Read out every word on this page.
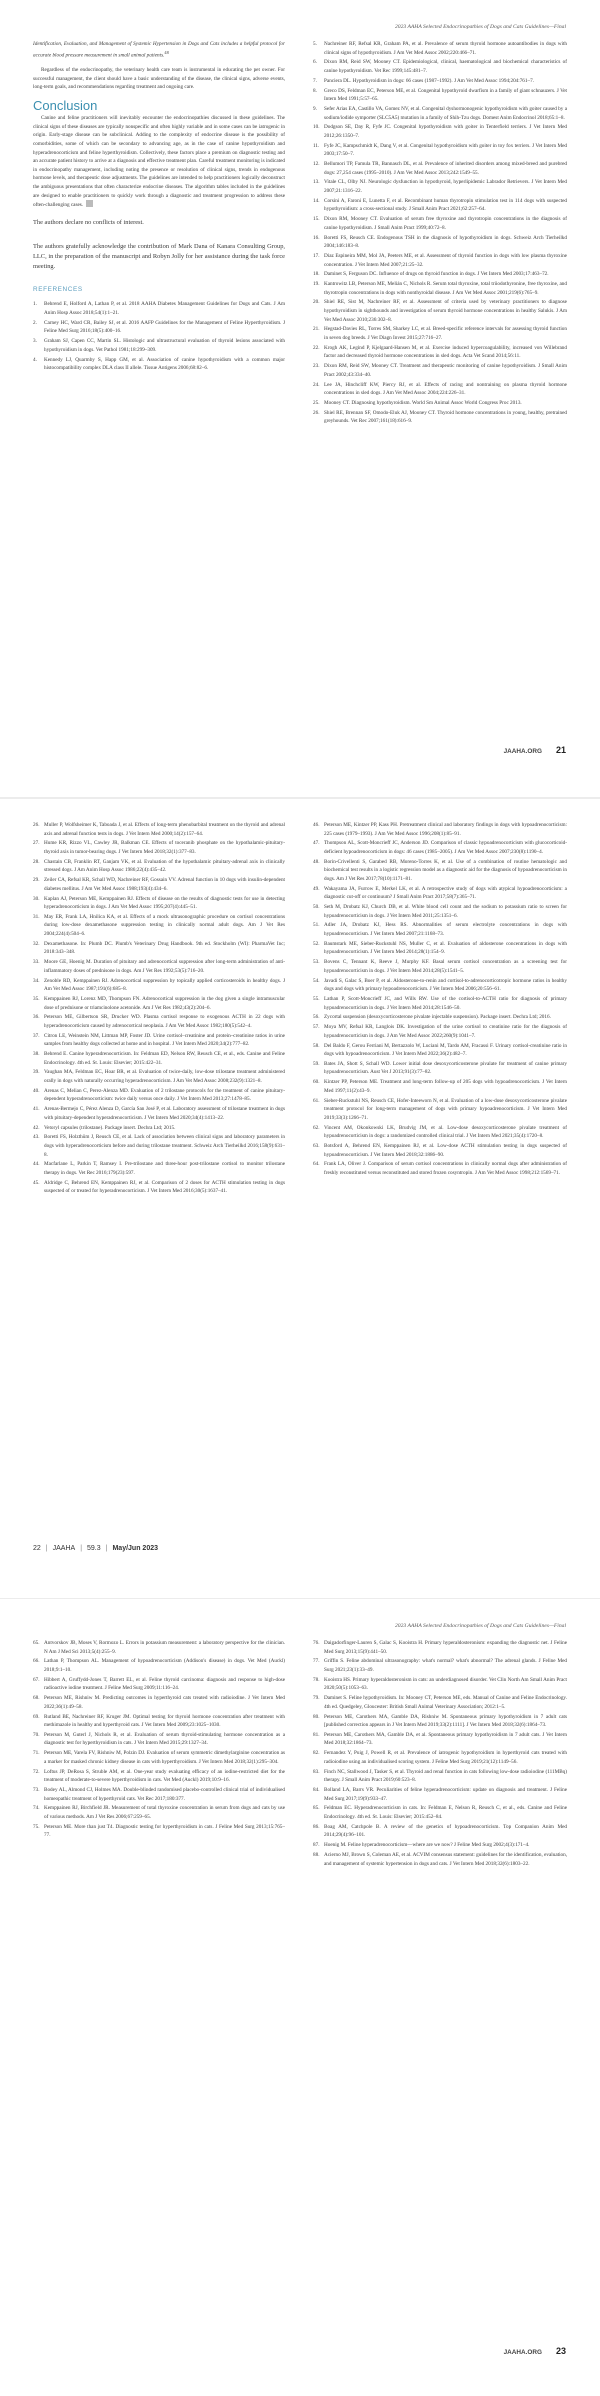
2023 AAHA Selected Endocrinopathies of Dogs and Cats Guidelines—Final

Identification, Evaluation, and Management of Systemic Hypertension in Dogs and Cats includes a helpful protocol for accurate blood pressure measurement in small animal patients.$^{48}$

Regardless of the endocrinopathy, the veterinary health care team is instrumental in educating the pet owner. For successful management, the client should have a basic understanding of the disease, the clinical signs, adverse events, long-term goals, and recommendations regarding treatment and ongoing care.

Conclusion

Canine and feline practitioners will inevitably encounter the endocrinopathies discussed in these guidelines. The clinical signs of these diseases are typically nonspecific and often highly variable and in some cases can be iatrogenic in origin. Early-stage disease can be subclinical. Adding to the complexity of endocrine disease is the possibility of comorbidities, some of which can be secondary to advancing age, as in the case of canine hypothyroidism and hyperadrenocorticism and feline hyperthyroidism. Collectively, these factors place a premium on diagnostic testing and an accurate patient history to arrive at a diagnosis and effective treatment plan. Careful treatment monitoring is indicated in endocrinopathy management, including noting the presence or resolution of clinical signs, trends in endogenous hormone levels, and therapeutic dose adjustments. The guidelines are intended to help practitioners logically deconstruct the ambiguous presentations that often characterize endocrine diseases. The algorithm tables included in the guidelines are designed to enable practitioners to quickly work through a diagnostic and treatment progression to address these often-challenging cases.

The authors declare no conflicts of interest.

The authors gratefully acknowledge the contribution of Mark Dana of Kanara Consulting Group, LLC, in the preparation of the manuscript and Robyn Jolly for her assistance during the task force meeting.

REFERENCES
1.	Behrend E, Holford A, Lathan P, et al. 2018 AAHA Diabetes Management Guidelines for Dogs and Cats. J Am Anim Hosp Assoc 2018;54(1):1–21.
2.	Carney HC, Ward CR, Bailey SJ, et al. 2016 AAFP Guidelines for the Management of Feline Hyperthyroidism. J Feline Med Surg 2016;18(5):400–16.
3.	Graham SJ, Capen CC, Martin SL. Histologic and ultrastructural evaluation of thyroid lesions associated with hypothyroidism in dogs. Vet Pathol 1981;18:299–309.
4.	Kennedy LJ, Quarmby S, Happ GM, et al. Association of canine hypothyroidism with a common major histocompatibility complex DLA class II allele. Tissue Antigens 2006;68:82–6.
5.	Nachreiner RF, Refsal KR, Graham PA, et al. Prevalence of serum thyroid hormone autoantibodies in dogs with clinical signs of hypothyroidism. J Am Vet Med Assoc 2002;220:466–71.
6.	Dixon RM, Reid SW, Mooney CT. Epidemiological, clinical, haematological and biochemical characteristics of canine hypothyroidism. Vet Rec 1999;145:481–7.
7.	Panciera DL. Hypothyroidism in dogs: 66 cases (1987–1992). J Am Vet Med Assoc 1994;204:761–7.
8.	Greco DS, Feldman EC, Peterson ME, et al. Congenital hypothyroid dwarfism in a family of giant schnauzers. J Vet Intern Med 1991;5:57–65.
9.	Sefer Arias EA, Castillo VA, Gomez NV, et al. Congenital dyshormonogenic hypothyroidism with goiter caused by a sodium/iodide symporter (SLC5A5) mutation in a family of Shih-Tzu dogs. Domest Anim Endocrinol 2018;65:1–8.
10. Dodgson SE, Day R, Fyfe JC. Congenital hypothyroidism with goiter in Tenterfield terriers. J Vet Intern Med 2012;26:1350–7.
11. Fyfe JC, Kampschmidt K, Dang V, et al. Congenital hypothyroidism with goiter in toy fox terriers. J Vet Intern Med 2003;17:50–7.
12. Bellumori TP, Famula TR, Bannasch DL, et al. Prevalence of inherited disorders among mixed-breed and purebred dogs: 27,254 cases (1995–2010). J Am Vet Med Assoc 2013;242:1549–55.
13. Vitale CL, Olby NJ. Neurologic dysfunction in hypothyroid, hyperlipidemic Labrador Retrievers. J Vet Intern Med 2007;21:1316–22.
14. Corsini A, Faroni E, Lunetta F, et al. Recombinant human thyrotropin stimulation test in 114 dogs with suspected hypothyroidism: a cross-sectional study. J Small Anim Pract 2021;62:257–64.
15. Dixon RM, Mooney CT. Evaluation of serum free thyroxine and thyrotropin concentrations in the diagnosis of canine hypothyroidism. J Small Anim Pract 1999;40:72–8.
16. Boretti FS, Reusch CE. Endogenous TSH in the diagnosis of hypothyroidism in dogs. Schweiz Arch Tierheilkd 2004;146:183–8.
17. Diaz Espineira MM, Mol JA, Peeters ME, et al. Assessment of thyroid function in dogs with low plasma thyroxine concentration. J Vet Intern Med 2007;21:25–32.
18. Daminet S, Ferguson DC. Influence of drugs on thyroid function in dogs. J Vet Intern Med 2003;17:463–72.
19. Kantrowitz LB, Peterson ME, Melián C, Nichols R. Serum total thyroxine, total triiodothyronine, free thyroxine, and thyrotropin concentrations in dogs with nonthyroidal disease. J Am Vet Med Assoc 2001;219(6):765–9.
20. Shiel RE, Sist M, Nachreiner RF, et al. Assessment of criteria used by veterinary practitioners to diagnose hypothyroidism in sighthounds and investigation of serum thyroid hormone concentrations in healthy Salukis. J Am Vet Med Assoc 2010;236:302–8.
21. Hegstad-Davies RL, Torres SM, Sharkey LC, et al. Breed-specific reference intervals for assessing thyroid function in seven dog breeds. J Vet Diagn Invest 2015;27:716–27.
22. Krogh AK, Legind P, Kjelgaard-Hansen M, et al. Exercise induced hypercoagulability, increased von Willebrand factor and decreased thyroid hormone concentrations in sled dogs. Acta Vet Scand 2014;56:11.
23. Dixon RM, Reid SW, Mooney CT. Treatment and therapeutic monitoring of canine hypothyroidism. J Small Anim Pract 2002;43:334–40.
24. Lee JA, Hinchcliff KW, Piercy RJ, et al. Effects of racing and nontraining on plasma thyroid hormone concentrations in sled dogs. J Am Vet Med Assoc 2004;224:226–31.
25. Mooney CT. Diagnosing hypothyroidism. World Sm Animal Assoc World Congress Proc 2013.
26. Shiel RE, Brennan SF, Omodo-Eluk AJ, Mooney CT. Thyroid hormone concentrations in young, healthy, pretrained greyhounds. Vet Rec 2007;161(18):616–9.
JAAHA.ORG 21
26. Muller P, Wolfsheimer K, Taboada J, et al. Effects of long-term phenobarbital treatment on the thyroid and adrenal axis and adrenal function tests in dogs. J Vet Intern Med 2000;14(2):157–64.
27. Hume KR, Rizzo VL, Cawley JR, Balkman CE. Effects of toceranib phosphate on the hypothalamic-pituitary-thyroid axis in tumor-bearing dogs. J Vet Intern Med 2018;32(1):377–83.
28. Chastain CB, Franklin RT, Ganjam VK, et al. Evaluation of the hypothalamic pituitary-adrenal axis in clinically stressed dogs. J Am Anim Hosp Assoc 1986;22(4):435–42.
29. Zeiler CA, Refsal KR, Schall WD, Nachreiner RF, Gossain VV. Adrenal function in 10 dogs with insulin-dependent diabetes mellitus. J Am Vet Med Assoc 1988;193(4):434–6.
30. Kaplan AJ, Peterson ME, Kemppainen RJ. Effects of disease on the results of diagnostic tests for use in detecting hyperadrenocorticism in dogs. J Am Vet Med Assoc 1995;207(4):445–51.
31. May ER, Frank LA, Hnilica KA, et al. Effects of a mock ultrasonographic procedure on cortisol concentrations during low-dose dexamethasone suppression testing in clinically normal adult dogs. Am J Vet Res 2004;224(4):504–6.
32. Dexamethasone. In: Plumb DC. Plumb's Veterinary Drug Handbook. 9th ed. Stockholm (WI): PharmaVet Inc; 2018:343–348.
33. Moore GE, Hoenig M. Duration of pituitary and adrenocortical suppression after long-term administration of anti-inflammatory doses of prednisone in dogs. Am J Vet Res 1992;53(5):716–20.
34. Zenoble RD, Kemppainen RJ. Adrenocortical suppression by topically applied corticosteroids in healthy dogs. J Am Vet Med Assoc 1987;191(6):685–8.
35. Kemppainen RJ, Lorenz MD, Thompson FN. Adrenocortical suppression in the dog given a single intramuscular dose of prednisone or triamcinolone acetonide. Am J Vet Res 1982;43(2):204–6.
36. Peterson ME, Gilbertson SR, Drucker WD. Plasma cortisol response to exogenous ACTH in 22 dogs with hyperadrenocorticism caused by adrenocortical neoplasia. J Am Vet Med Assoc 1982;180(5):542–4.
37. Citron LE, Weinstein NM, Littman MP, Foster JD. Urine cortisol–creatinine and protein–creatinine ratios in urine samples from healthy dogs collected at home and in hospital. J Vet Intern Med 2020;34(2):777–82.
38. Behrend E. Canine hyperadrenocorticism. In: Feldman ED, Nelson RW, Reusch CE, et al., eds. Canine and Feline Endocrinology. 4th ed. St. Louis: Elsevier; 2015:422–31.
39. Vaughan MA, Feldman EC, Hoar BR, et al. Evaluation of twice-daily, low-dose trilostane treatment administered orally in dogs with naturally occurring hyperadrenocorticism. J Am Vet Med Assoc 2008;232(9):1321–8.
40. Arenas C, Melian C, Perez-Alenza MD. Evaluation of 2 trilostane protocols for the treatment of canine pituitary-dependent hyperadrenocorticism: twice daily versus once daily. J Vet Intern Med 2013;27:1478–85.
41. Arenas-Bermejo C, Pérez Alenza D, García San José P, et al. Laboratory assessment of trilostane treatment in dogs with pituitary-dependent hyperadrenocorticism. J Vet Intern Med 2020;34(4):1413–22.
42. Vetoryl capsules (trilostane). Package insert. Dechra Ltd; 2015.
43. Boretti FS, Holzthüm J, Reusch CE, et al. Lack of association between clinical signs and laboratory parameters in dogs with hyperadrenocorticism before and during trilostane treatment. Schweiz Arch Tierheilkd 2016;158(9):631–8.
44. Macfarlane L, Parkin T, Ramsey I. Pre-trilostane and three-hour post-trilostane cortisol to monitor trilostane therapy in dogs. Vet Rec 2016;179(23):597.
45. Aldridge C, Behrend EN, Kemppainen RJ, et al. Comparison of 2 doses for ACTH stimulation testing in dogs suspected of or treated for hyperadrenocorticism. J Vet Intern Med 2016;30(5):1637–41.
46. Peterson ME, Kintzer PP, Kass PH. Pretreatment clinical and laboratory findings in dogs with hypoadrenocorticism: 225 cases (1979–1993). J Am Vet Med Assoc 1996;208(1):85–91.
47. Thompson AL, Scott-Moncrieff JC, Anderson JD. Comparison of classic hypoadrenocorticism with glucocorticoid-deficient hypoadrenocorticism in dogs: 46 cases (1985–2005). J Am Vet Med Assoc 2007;230(8):1190–4.
48. Borin-Crivellenti S, Garabed RB, Moreno-Torres K, et al. Use of a combination of routine hematologic and biochemical test results in a logistic regression model as a diagnostic aid for the diagnosis of hypoadrenocorticism in dogs. Am J Vet Res 2017;78(10):1171–81.
49. Wakayama JA, Furrow E, Merkel LK, et al. A retrospective study of dogs with atypical hypoadrenocorticism: a diagnostic cut-off or continuum? J Small Anim Pract 2017;58(7):365–71.
50. Seth M, Drobatz KJ, Church DB, et al. White blood cell count and the sodium to potassium ratio to screen for hypoadrenocorticism in dogs. J Vet Intern Med 2011;25:1351–6.
51. Adler JA, Drobatz KJ, Hess RS. Abnormalities of serum electrolyte concentrations in dogs with hypoadrenocorticism. J Vet Intern Med 2007;21:1168–73.
52. Baumstark ME, Sieber-Ruckstuhl NS, Muller C, et al. Evaluation of aldosterone concentrations in dogs with hypoadrenocorticism. J Vet Intern Med 2014;28(1):154–9.
53. Bovens C, Tennant K, Reeve J, Murphy KF. Basal serum cortisol concentration as a screening test for hypoadrenocorticism in dogs. J Vet Intern Med 2014;28(5):1541–5.
54. Javadi S, Galac S, Boer P, et al. Aldosterone-to-renin and cortisol-to-adrenocorticotropic hormone ratios in healthy dogs and dogs with primary hypoadrenocorticism. J Vet Intern Med 2006;20:556–61.
55. Lathan P, Scott-Moncrieff JC, and Wills RW. Use of the cortisol-to-ACTH ratio for diagnosis of primary hypoadrenocorticism in dogs. J Vet Intern Med 2014;28:1546–50.
56. Zycortal suspension (desoxycorticosterone pivalate injectable suspension). Package insert. Dechra Ltd; 2016.
57. Moya MV, Refsal KR, Langlois DK. Investigation of the urine cortisol to creatinine ratio for the diagnosis of hypoadrenocorticism in dogs. J Am Vet Med Assoc 2022;260(9):1041–7.
58. Del Baldo F, Gerou Ferriani M, Bertazzolo W, Luciani M, Tardo AM, Fracassi F. Urinary cortisol-creatinine ratio in dogs with hypoadrenocorticism. J Vet Intern Med 2022;36(2):482–7.
59. Bates JA, Shott S, Schall WD. Lower initial dose desoxycorticosterone pivalate for treatment of canine primary hypoadrenocorticism. Aust Vet J 2013;91(3):77–82.
60. Kintzer PP, Peterson ME. Treatment and long-term follow-up of 205 dogs with hypoadrenocorticism. J Vet Intern Med 1997;11(2):43–9.
61. Sieber-Ruckstuhl NS, Reusch CE, Hofer-Inteeworn N, et al. Evaluation of a low-dose desoxycorticosterone pivalate treatment protocol for long-term management of dogs with primary hypoadrenocorticism. J Vet Intern Med 2019;33(3):1266–71.
62. Vincent AM, Okonkowski LK, Brudvig JM, et al. Low-dose desoxycorticosterone pivalate treatment of hypoadrenocorticism in dogs: a randomized controlled clinical trial. J Vet Intern Med 2021;35(4):1720–8.
63. Botsford A, Behrend EN, Kemppainen RJ, et al. Low-dose ACTH stimulation testing in dogs suspected of hypoadrenocorticism. J Vet Intern Med 2018;32:1886–90.
64. Frank LA, Oliver J. Comparison of serum cortisol concentrations in clinically normal dogs after administration of freshly reconstituted versus reconstituted and stored frozen cosyntropin. J Am Vet Med Assoc 1998;212:1569–71.
22 | JAAHA | 59.3 | May/Jun 2023
2023 AAHA Selected Endocrinopathies of Dogs and Cats Guidelines—Final
65. Antvorskov JB, Moses V, Rormozo L. Errors in potassium measurement: a laboratory perspective for the clinician. N Am J Med Sci 2013;5(4):255–9.
66. Lathan P, Thompson AL. Management of hypoadrenocorticism (Addison's disease) in dogs. Vet Med (Auckl) 2018;9:1–10.
67. Hibbert A, Gruffydd-Jones T, Barrett EL, et al. Feline thyroid carcinoma: diagnosis and response to high-dose radioactive iodine treatment. J Feline Med Surg 2009;11:116–24.
68. Peterson ME, Rishniw M. Predicting outcomes in hyperthyroid cats treated with radioiodine. J Vet Intern Med 2022;36(1):49–58.
69. Rutland BE, Nachreiner RF, Kruger JM. Optimal testing for thyroid hormone concentration after treatment with methimazole in healthy and hyperthyroid cats. J Vet Intern Med 2009;23:1025–1030.
70. Peterson M, Guterl J, Nichols R, et al. Evaluation of serum thyroid-stimulating hormone concentration as a diagnostic test for hyperthyroidism in cats. J Vet Intern Med 2015;29:1327–34.
71. Peterson ME, Varela FV, Rishniw M, Polzin DJ. Evaluation of serum symmetric dimethylarginine concentration as a marker for masked chronic kidney disease in cats with hyperthyroidism. J Vet Intern Med 2018;32(1):295–304.
72. Loftus JP, DeRosa S, Struble AM, et al. One-year study evaluating efficacy of an iodine-restricted diet for the treatment of moderate-to-severe hyperthyroidism in cats. Vet Med (Auckl) 2019;10:9–16.
73. Bodey AL, Almond CJ, Holmes MA. Double-blinded randomised placebo-controlled clinical trial of individualised homeopathic treatment of hyperthyroid cats. Vet Rec 2017;180:377.
74. Kemppainen RJ, Birchfield JR. Measurement of total thyroxine concentration in serum from dogs and cats by use of various methods. Am J Vet Res 2006;67:259–65.
75. Peterson ME. More than just T4. Diagnostic testing for hyperthyroidism in cats. J Feline Med Surg 2013;15:765–77.
76. Daigadorfinger-Lauren S, Galac S, Kooistra H. Primary hyperaldosteronism: expanding the diagnostic net. J Feline Med Surg 2013;15(9):441–50.
77. Griffin S. Feline abdominal ultrasonography: what's normal? what's abnormal? The adrenal glands. J Feline Med Surg 2021;23(1):33–49.
78. Kooistra HS. Primary hyperaldosteronism in cats: an underdiagnosed disorder. Vet Clin North Am Small Anim Pract 2020;50(5):1053–63.
79. Daminet S. Feline hypothyroidism. In: Mooney CT, Peterson ME, eds. Manual of Canine and Feline Endocrinology. 4th ed. Quedgeley, Gloucester: British Small Animal Veterinary Association; 2012:1–5.
80. Peterson ME, Carothers MA, Gamble DA, Rishniw M. Spontaneous primary hypothyroidism in 7 adult cats [published correction appears in J Vet Intern Med 2019;33(2):1111]. J Vet Intern Med 2018;32(6):1864–73.
81. Peterson ME, Carothers MA, Gamble DA, et al. Spontaneous primary hypothyroidism in 7 adult cats. J Vet Intern Med 2018;32:1864–73.
82. Fernandez Y, Puig J, Powell R, et al. Prevalence of iatrogenic hypothyroidism in hyperthyroid cats treated with radioiodine using an individualised scoring system. J Feline Med Surg 2019;21(12):1149–56.
83. Finch NC, Stallwood J, Tasker S, et al. Thyroid and renal function in cats following low-dose radioiodine (111MBq) therapy. J Small Anim Pract 2019;60:523–8.
84. Bolland LA, Barrs VR. Peculiarities of feline hyperadrenocorticism: update on diagnosis and treatment. J Feline Med Surg 2017;19(9):933–47.
85. Feldman EC. Hyperadrenocorticism in cats. In: Feldman E, Nelson R, Reusch C, et al., eds. Canine and Feline Endocrinology. 4th ed. St. Louis: Elsevier; 2015:452–84.
86. Boag AM, Catchpole B. A review of the genetics of hypoadrenocorticism. Top Companion Anim Med 2014;29(4):96–101.
87. Hoenig M. Feline hyperadrenocorticism—where are we now? J Feline Med Surg 2002;4(3):171–4.
88. Acierno MJ, Brown S, Coleman AE, et al. ACVIM consensus statement: guidelines for the identification, evaluation, and management of systemic hypertension in dogs and cats. J Vet Intern Med 2018;32(6):1803–22.
JAAHA.ORG 23
